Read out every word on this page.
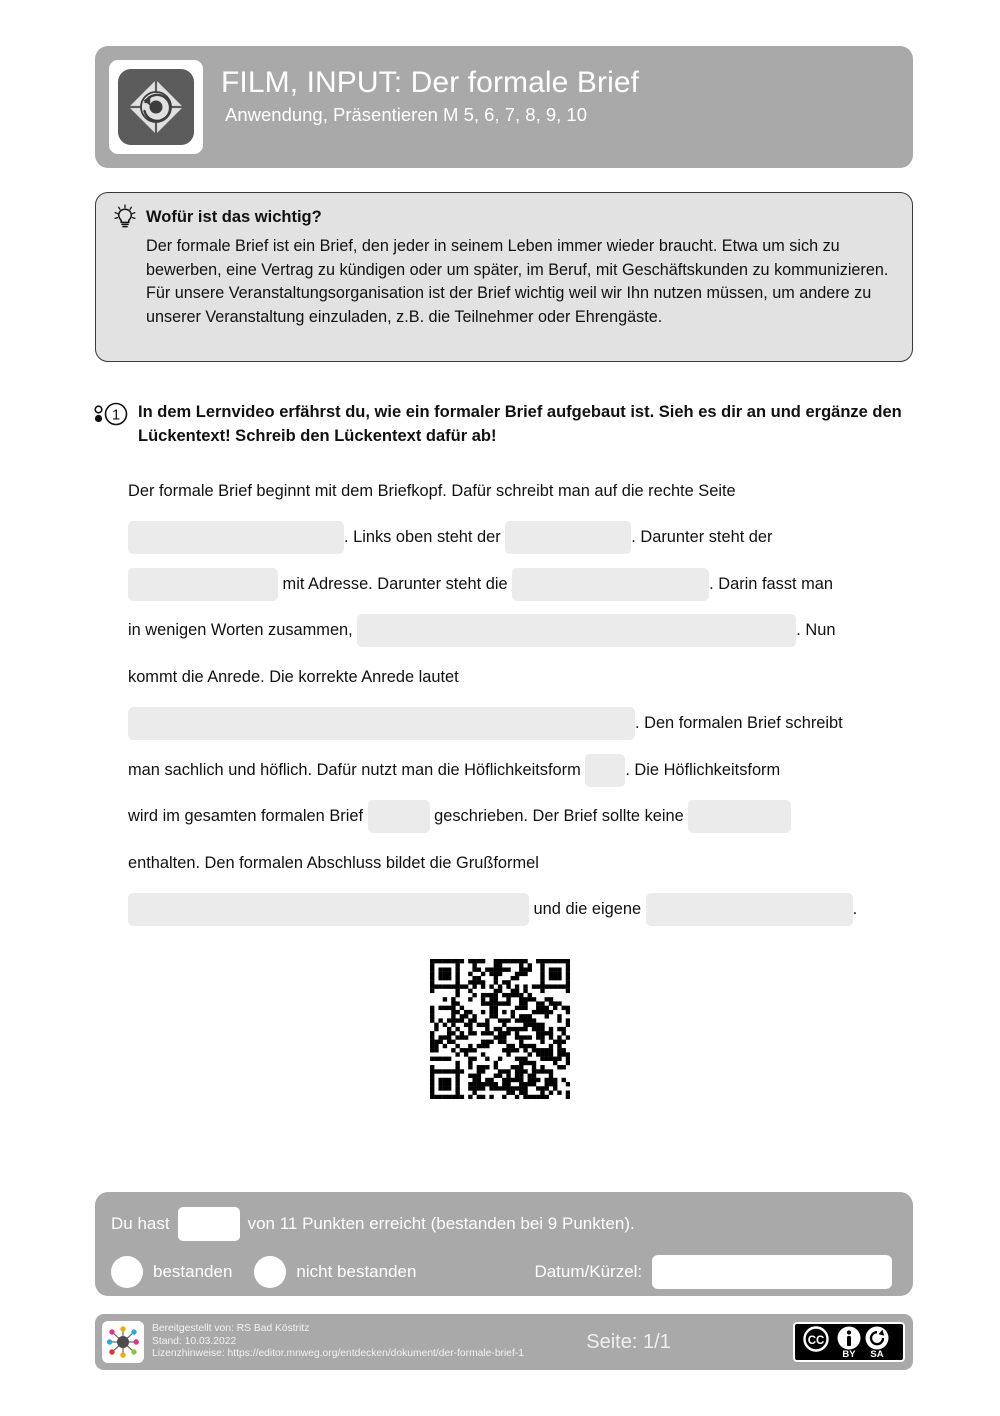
FILM, INPUT: Der formale Brief
Anwendung, Präsentieren M 5, 6, 7, 8, 9, 10
Wofür ist das wichtig?

Der formale Brief ist ein Brief, den jeder in seinem Leben immer wieder braucht. Etwa um sich zu bewerben, eine Vertrag zu kündigen oder um später, im Beruf, mit Geschäftskunden zu kommunizieren.

Für unsere Veranstaltungsorganisation ist der Brief wichtig weil wir Ihn nutzen müssen, um andere zu unserer Veranstaltung einzuladen, z.B. die Teilnehmer oder Ehrengäste.

1 In dem Lernvideo erfährst du, wie ein formaler Brief aufgebaut ist. Sieh es dir an und ergänze den Lückentext! Schreib den Lückentext dafür ab!
Der formale Brief beginnt mit dem Briefkopf. Dafür schreibt man auf die rechte Seite
. Links oben steht der	. Darunter steht der
mit Adresse. Darunter steht die	. Darin fasst man
in wenigen Worten zusammen,	. Nun
kommt die Anrede. Die korrekte Anrede lautet
. Den formalen Brief schreibt
man sachlich und höflich. Dafür nutzt man die Höflichkeitsform . Die Höflichkeitsform
wird im gesamten formalen Brief	geschrieben. Der Brief sollte keine
enthalten. Den formalen Abschluss bildet die Grußformel
und die eigene	.
Du hast	von 11 Punkten erreicht (bestanden bei 9 Punkten).
bestanden	nicht bestanden	Datum/Kürzel:
Bereitgestellt von: RS Bad Köstritz
Stand: 10.03.2022
Lizenzhinweise: https://editor.mnweg.org/entdecken/dokument/der-formale-brief-1
Seite: 1/1	CC
BY SA
